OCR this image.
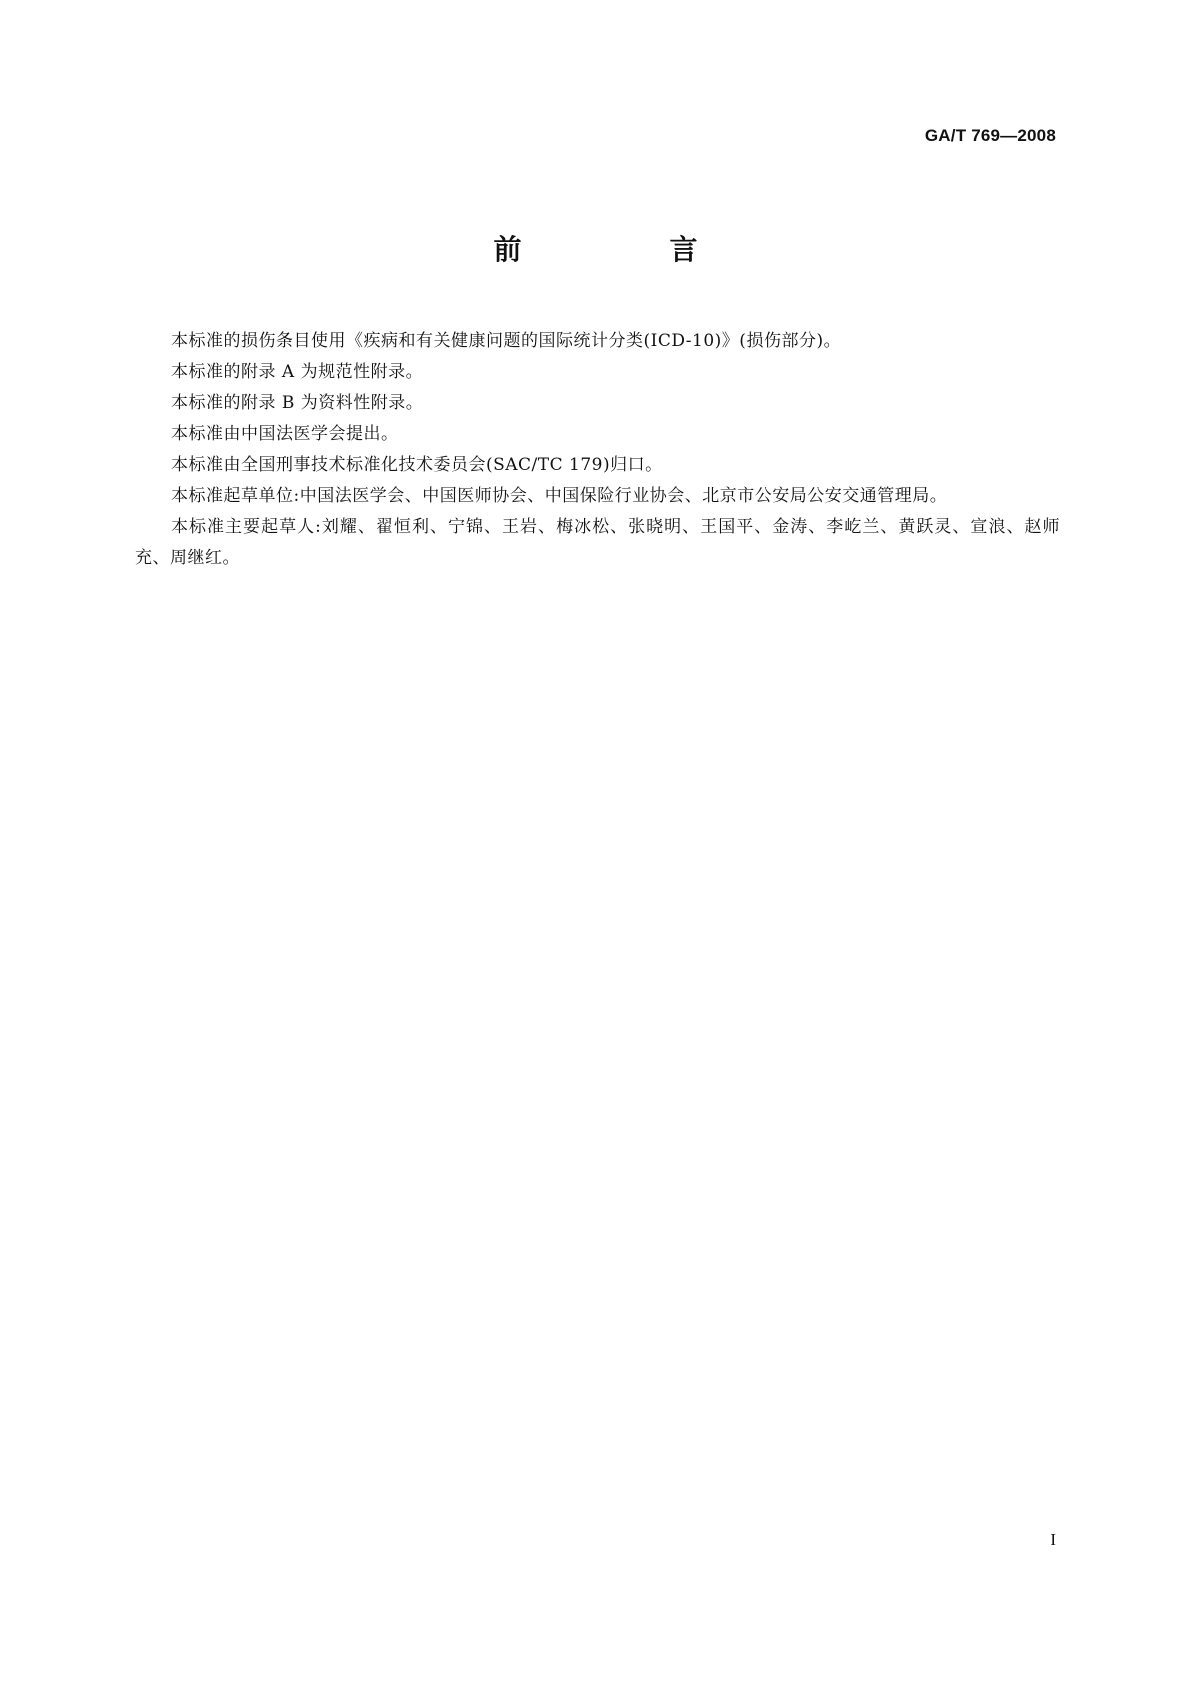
GA/T 769—2008
前　言

本标准的损伤条目使用《疾病和有关健康问题的国际统计分类(ICD-10)》(损伤部分)。

本标准的附录 A 为规范性附录。

本标准的附录 B 为资料性附录。

本标准由中国法医学会提出。

本标准由全国刑事技术标准化技术委员会(SAC/TC 179)归口。

本标准起草单位:中国法医学会、中国医师协会、中国保险行业协会、北京市公安局公安交通管理局。

本标准主要起草人:刘耀、翟恒利、宁锦、王岩、梅冰松、张晓明、王国平、金涛、李屹兰、黄跃灵、宣浪、赵师充、周继红。

I
